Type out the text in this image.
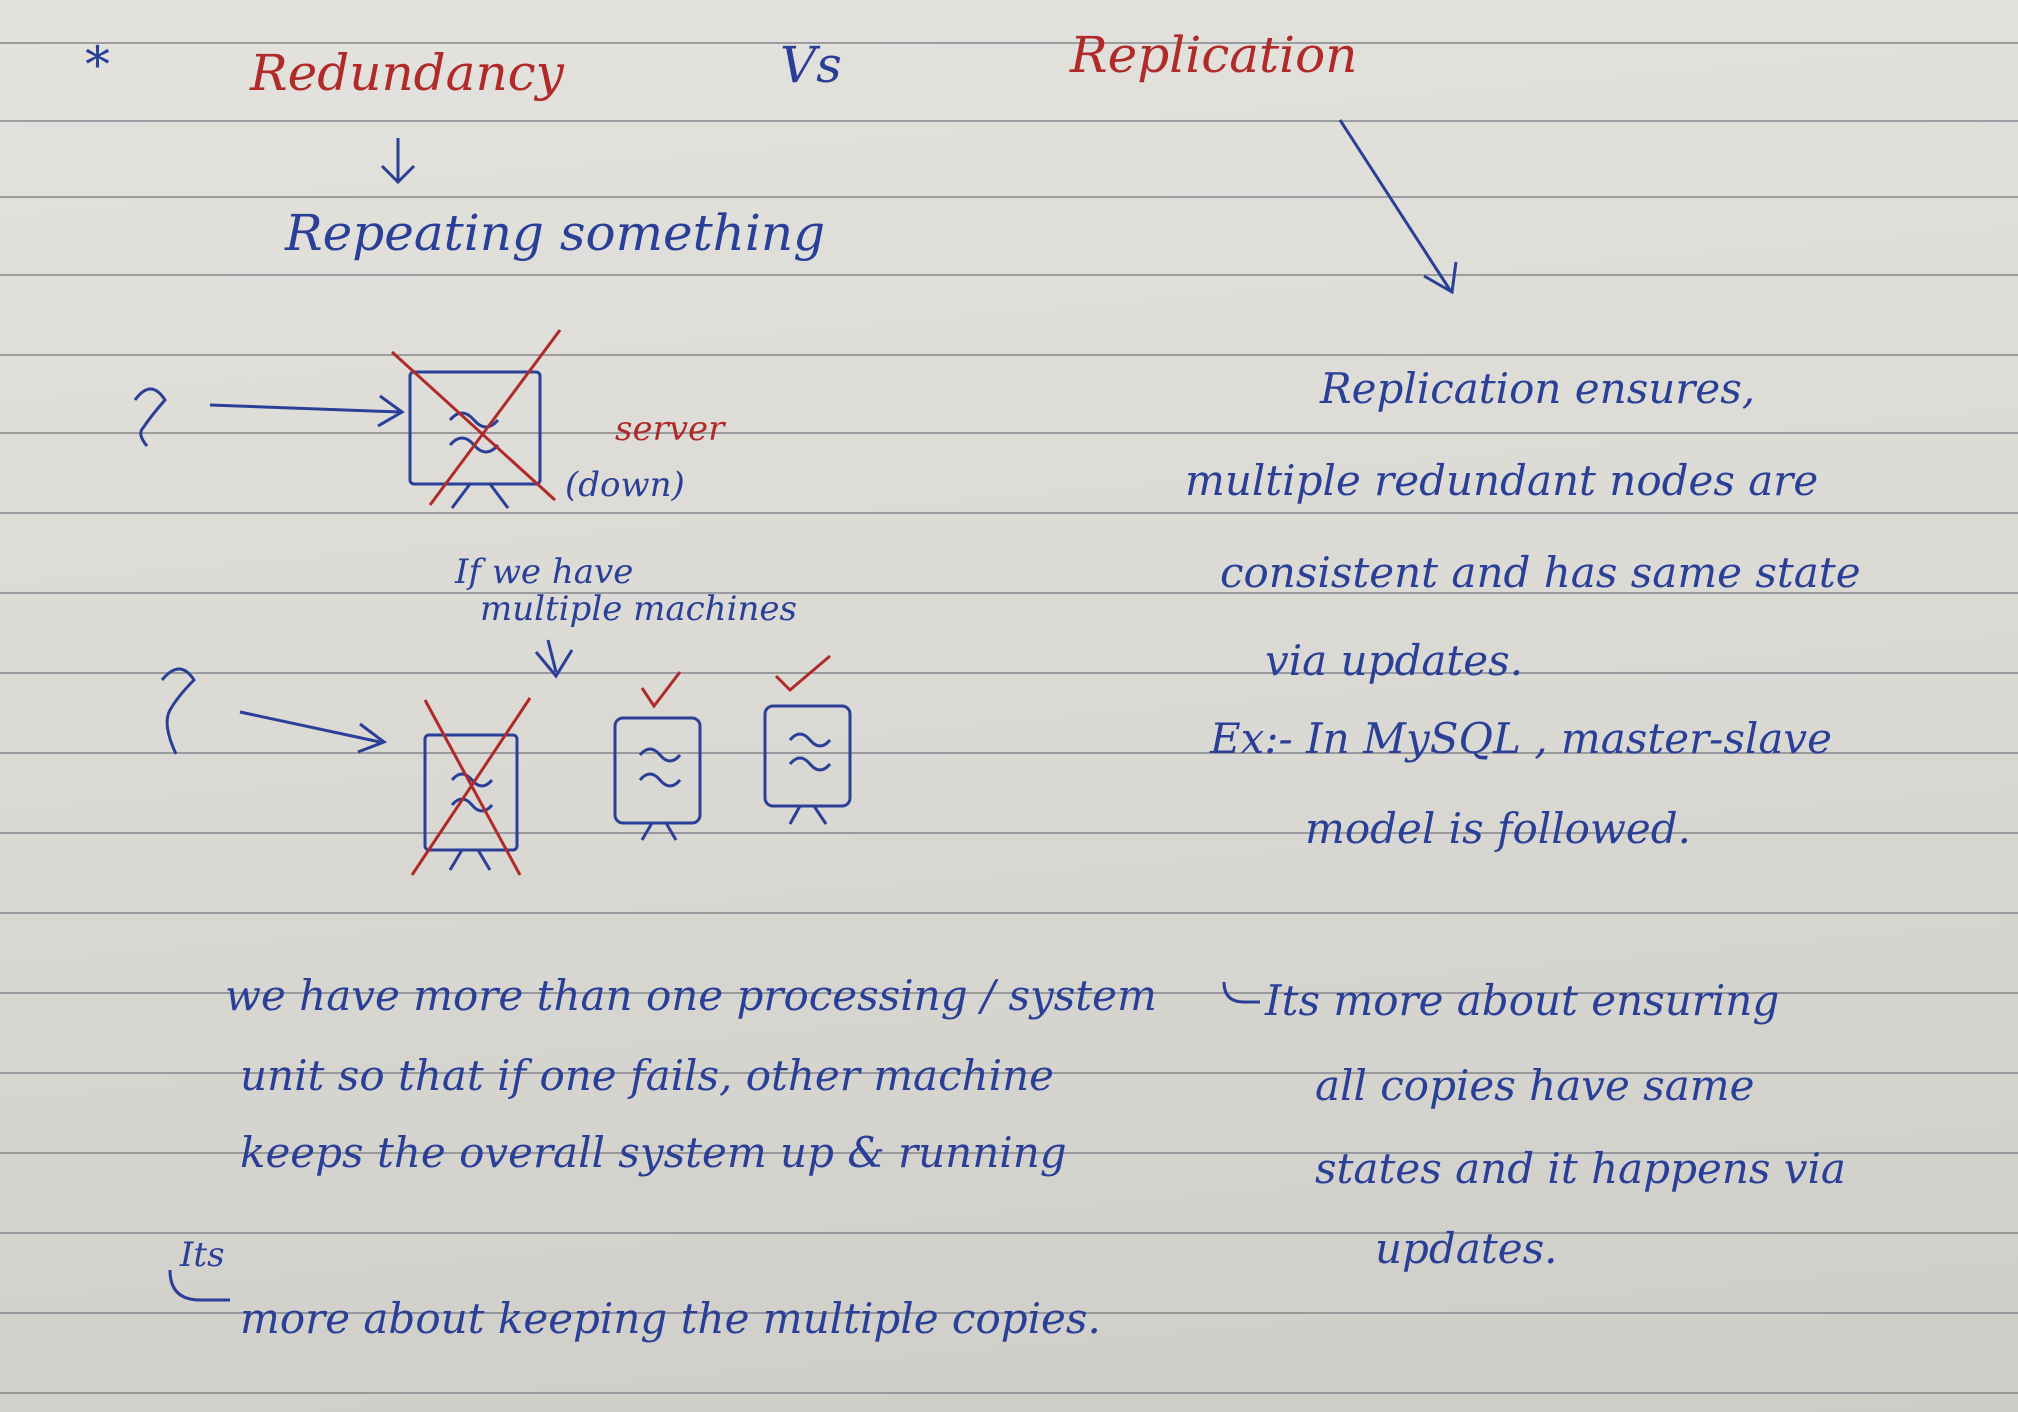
*	Redundancy	Vs	Replication
Repeating something
server
(down)
If we have
multiple machines
Replication ensures,
multiple redundant nodes are
consistent and has same state
via updates.
Ex:- In MySQL , master-slave
model is followed.
we have more than one processing / system
unit so that if one fails, other machine
keeps the overall system up & running
Its more about ensuring
all copies have same
states and it happens via
updates.
Its
more about keeping the multiple copies.
